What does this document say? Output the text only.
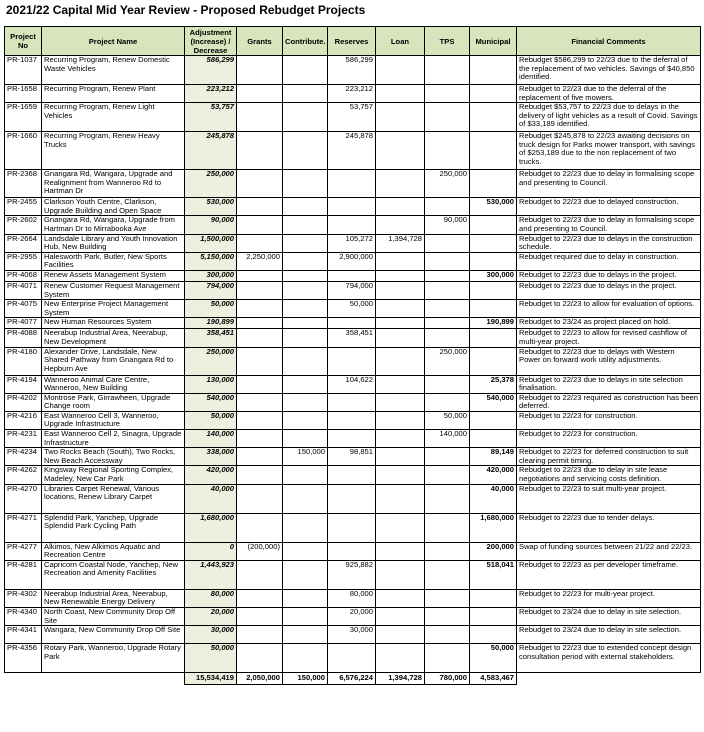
2021/22 Capital Mid Year Review - Proposed Rebudget Projects
Project No	Project Name	Adjustment (Increase) / Decrease	Grants	Contribute.	Reserves	Loan	TPS	Municipal	Financial Comments
PR-1037	Recurring Program, Renew Domestic Waste Vehicles	586,299			586,299				Rebudget $586,299 to 22/23 due to the deferral of the replacement of two vehicles. Savings of $40,850 identified.
PR-1658	Recurring Program, Renew Plant	223,212			223,212				Rebudget to 22/23 due to the deferral of the replacement of five mowers.
PR-1659	Recurring Program, Renew Light Vehicles	53,757			53,757				Rebudget $53,757 to 22/23 due to delays in the delivery of light vehicles as a result of Covid. Savings of $33,189 identified.
PR-1660	Recurring Program, Renew Heavy Trucks	245,878			245,878				Rebudget $245,878 to 22/23 awaiting decisions on truck design for Parks mower transport, with savings of $253,189 due to the non replacement of two trucks.
PR-2368	Gnangara Rd, Wangara, Upgrade and Realignment from Wanneroo Rd to Hartman Dr	250,000					250,000		Rebudget to 22/23 due to delay in formalising scope and presenting to Council.
PR-2455	Clarkson Youth Centre, Clarkson, Upgrade Building and Open Space	530,000						530,000	Rebudget to 22/23 due to delayed construction.
PR-2602	Gnangara Rd, Wangara, Upgrade from Hartman Dr to Mirrabooka Ave	90,000					90,000		Rebudget to 22/23 due to delay in formalising scope and presenting to Council.
PR-2664	Landsdale Library and Youth Innovation Hub, New Building	1,500,000			105,272	1,394,728			Rebudget to 22/23 due to delays in the construction schedule.
PR-2955	Halesworth Park, Butler, New Sports Facilities	5,150,000	2,250,000		2,900,000				Rebudget required due to delay in construction.
PR-4068	Renew Assets Management System	300,000						300,000	Rebudget to 22/23 due to delays in the project.
PR-4071	Renew Customer Request Management System	794,000			794,000				Rebudget to 22/23 due to delays in the project.
PR-4075	New Enterprise Project Management System	50,000			50,000				Rebudget to 22/23 to allow for evaluation of options.
PR-4077	New Human Resources System	190,899						190,899	Rebudget to 23/24 as project placed on hold.
PR-4088	Neerabup Industrial Area, Neerabup, New Development	358,451			358,451				Rebudget to 22/23 to allow for revised cashflow of multi-year project.
PR-4180	Alexander Drive, Landsdale, New Shared Pathway from Gnangara Rd to Hepburn Ave	250,000					250,000		Rebudget to 22/23 due to delays with Western Power on forward work utility adjustments.
PR-4194	Wanneroo Animal Care Centre, Wanneroo, New Building	130,000			104,622			25,378	Rebudget to 22/23 due to delays in site selection finalisation.
PR-4202	Montrose Park, Girrawheen, Upgrade Change room	540,000						540,000	Rebudget to 22/23 required as construction has been deferred.
PR-4216	East Wanneroo Cell 3, Wanneroo, Upgrade Infrastructure	50,000					50,000		Rebudget to 22/23 for construction.
PR-4231	East Wanneroo Cell 2, Sinagra, Upgrade Infrastructure	140,000					140,000		Rebudget to 22/23 for construction.
PR-4234	Two Rocks Beach (South), Two Rocks, New Beach Accessway	338,000		150,000	98,851			89,149	Rebudget to 22/23 for deferred construction to suit clearing permit timing.
PR-4262	Kingsway Regional Sporting Complex, Madeley, New Car Park	420,000						420,000	Rebudget to 22/23 due to delay in site lease negotiations and servicing costs definition.
PR-4270	Libraries Carpet Renewal, Various locations, Renew Library Carpet	40,000						40,000	Rebudget to 22/23 to suit multi-year project.
PR-4271	Splendid Park, Yanchep, Upgrade Splendid Park Cycling Path	1,680,000						1,680,000	Rebudget to 22/23 due to tender delays.
PR-4277	Alkimos, New Alkimos Aquatic and Recreation Centre	0	(200,000)					200,000	Swap of funding sources between 21/22 and 22/23.
PR-4281	Capricorn Coastal Node, Yanchep, New Recreation and Amenity Facilities	1,443,923			925,882			518,041	Rebudget to 22/23 as per developer timeframe.
PR-4302	Neerabup Industrial Area, Neerabup, New Renewable Energy Delivery	80,000			80,000				Rebudget to 22/23 for multi-year project.
PR-4340	North Coast, New Community Drop Off Site	20,000			20,000				Rebudget to 23/24 due to delay in site selection.
PR-4341	Wangara, New Community Drop Off Site	30,000			30,000				Rebudget to 23/24 due to delay in site selection.
PR-4356	Rotary Park, Wanneroo, Upgrade Rotary Park	50,000						50,000	Rebudget to 22/23 due to extended concept design consultation period with external stakeholders.
		15,534,419	2,050,000	150,000	6,576,224	1,394,728	780,000	4,583,467	
